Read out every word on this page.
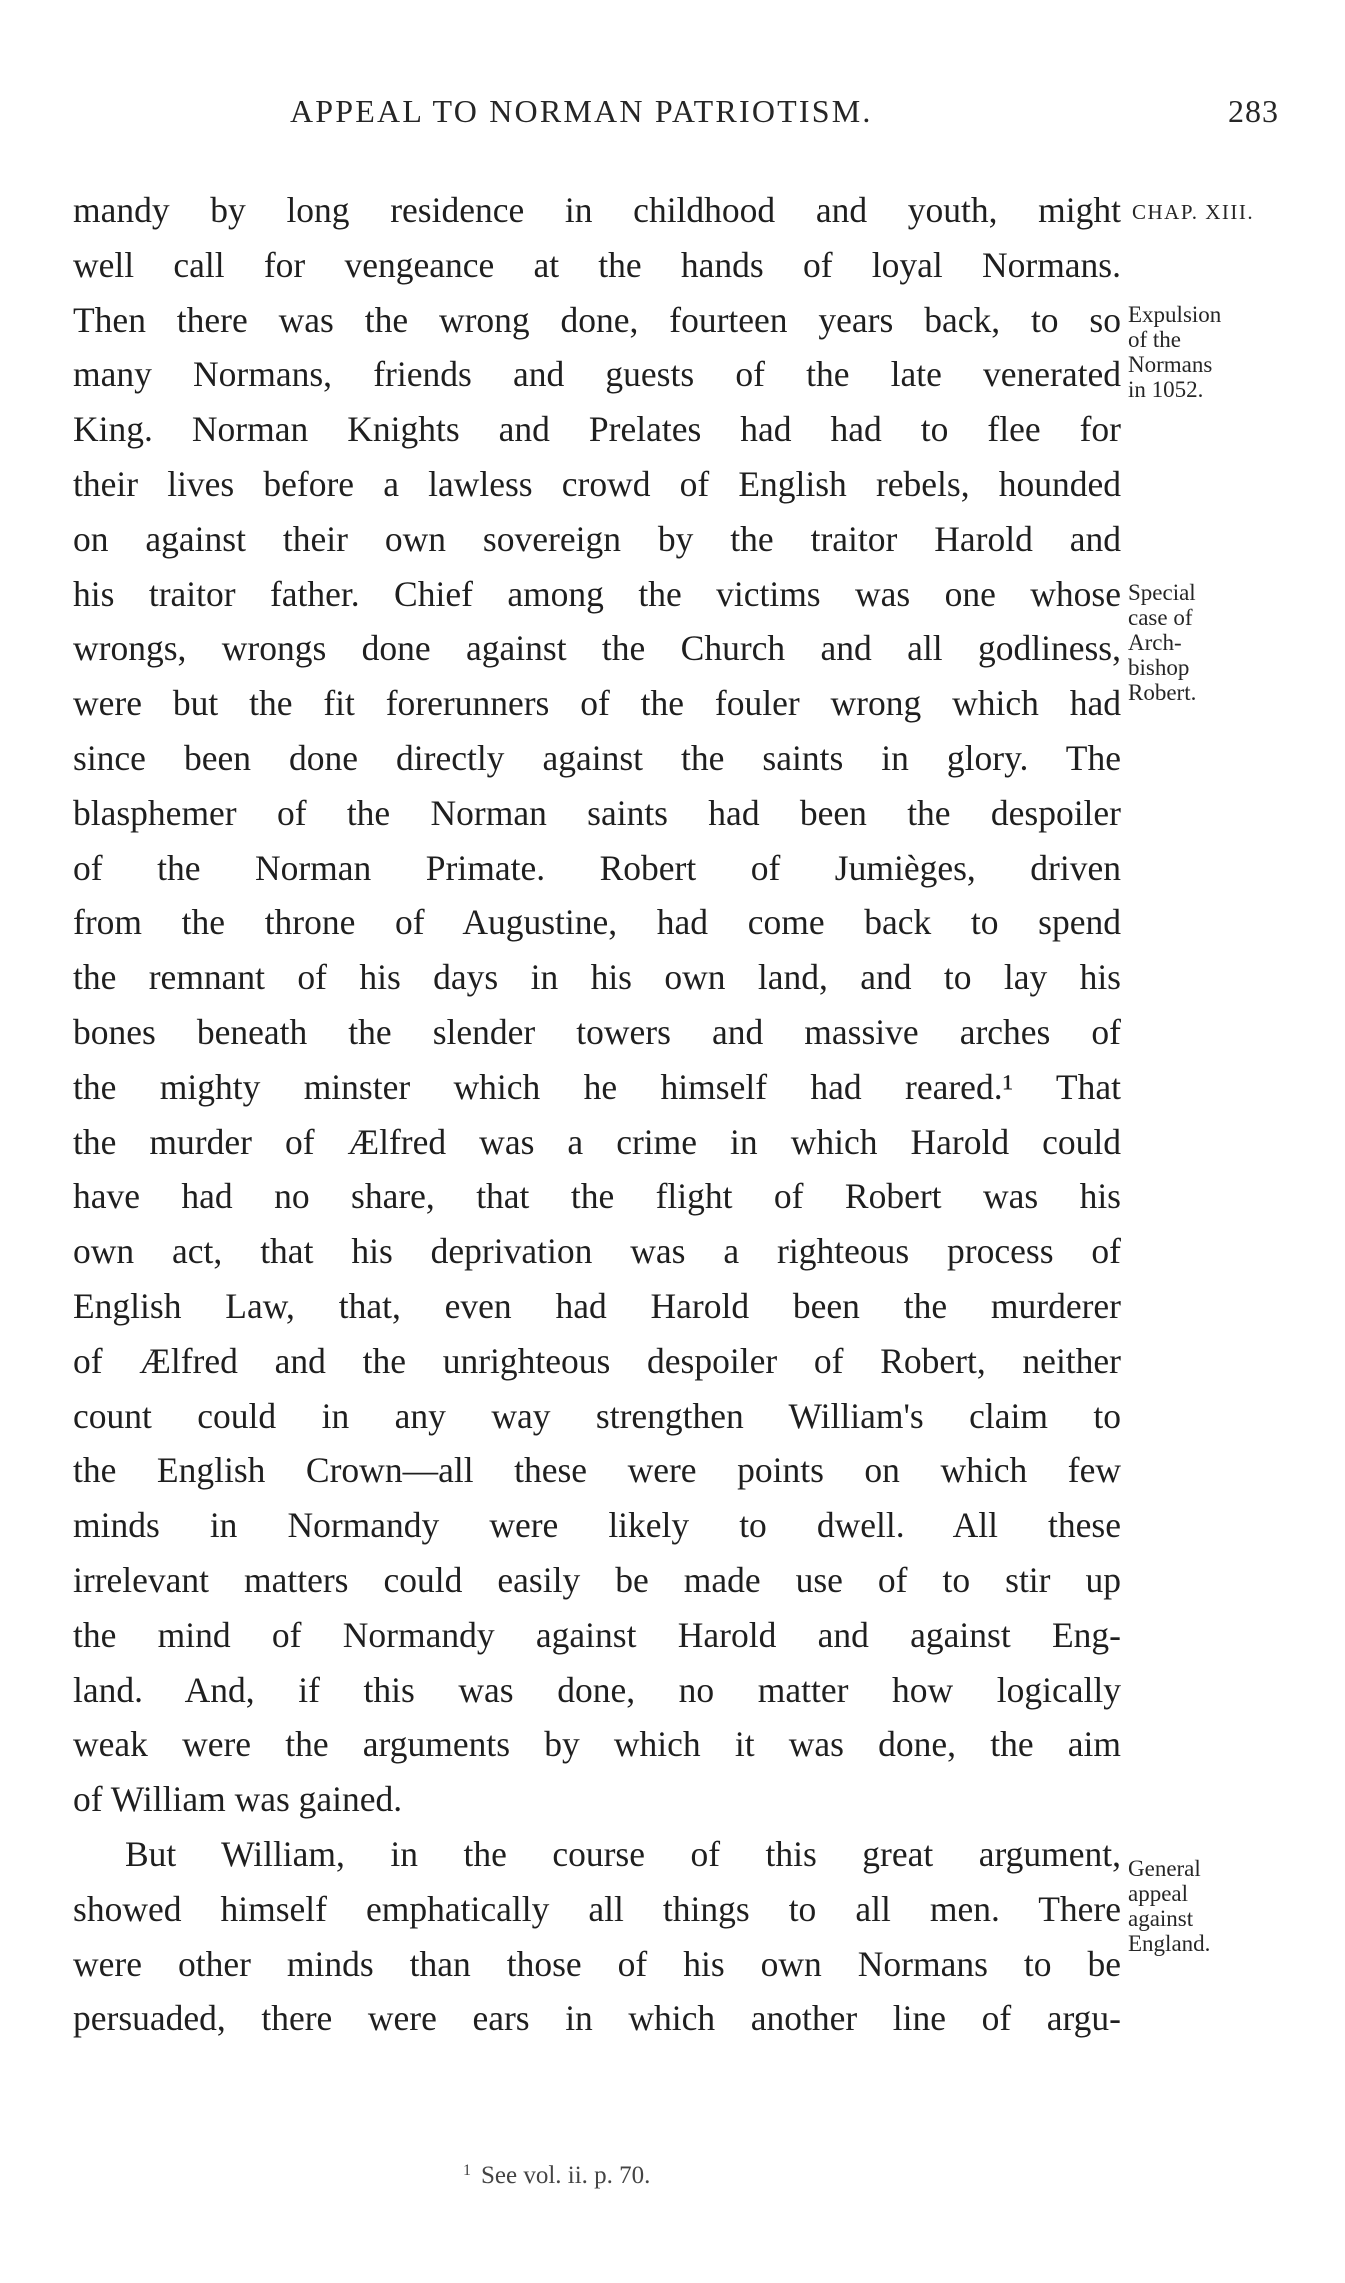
APPEAL TO NORMAN PATRIOTISM.	283
mandy by long residence in childhood and youth, might
well call for vengeance at the hands of loyal Normans.
Then there was the wrong done, fourteen years back, to so
many Normans, friends and guests of the late venerated
King. Norman Knights and Prelates had had to flee for
their lives before a lawless crowd of English rebels, hounded
on against their own sovereign by the traitor Harold and
his traitor father. Chief among the victims was one whose
wrongs, wrongs done against the Church and all godliness,
were but the fit forerunners of the fouler wrong which had
since been done directly against the saints in glory. The
blasphemer of the Norman saints had been the despoiler
of the Norman Primate. Robert of Jumièges, driven
from the throne of Augustine, had come back to spend
the remnant of his days in his own land, and to lay his
bones beneath the slender towers and massive arches of
the mighty minster which he himself had reared.¹ That
the murder of Ælfred was a crime in which Harold could
have had no share, that the flight of Robert was his
own act, that his deprivation was a righteous process of
English Law, that, even had Harold been the murderer
of Ælfred and the unrighteous despoiler of Robert, neither
count could in any way strengthen William's claim to
the English Crown—all these were points on which few
minds in Normandy were likely to dwell. All these
irrelevant matters could easily be made use of to stir up
the mind of Normandy against Harold and against Eng-
land. And, if this was done, no matter how logically
weak were the arguments by which it was done, the aim
of William was gained.
But William, in the course of this great argument,
showed himself emphatically all things to all men. There
were other minds than those of his own Normans to be
persuaded, there were ears in which another line of argu-
CHAP. XIII.
Expulsion
of the
Normans
in 1052.
Special
case of
Arch-
bishop
Robert.
General
appeal
against
England.
$^1$ See vol. ii. p. 70.
